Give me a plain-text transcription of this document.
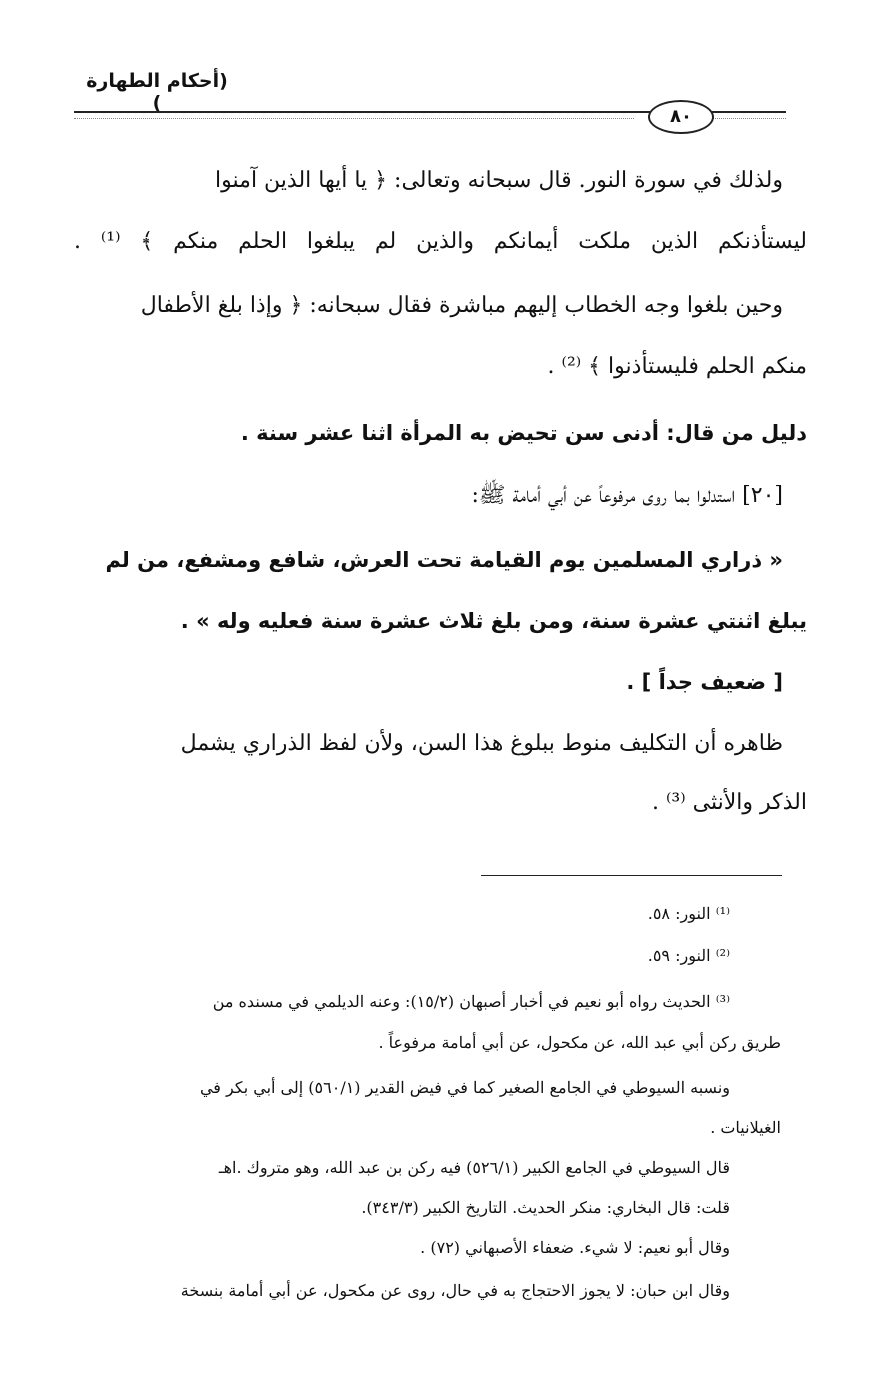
(أحكام الطهارة )
٨٠
ولذلك في سورة النور. قال سبحانه وتعالى: ﴿ يا أيها الذين آمنوا
ليستأذنكم الذين ملكت أيمانكم والذين لم يبلغوا الحلم منكم ﴾ ⁽¹⁾ .
وحين بلغوا وجه الخطاب إليهم مباشرة فقال سبحانه: ﴿ وإذا بلغ الأطفال
منكم الحلم فليستأذنوا ﴾ ⁽²⁾ .
دليل من قال: أدنى سن تحيض به المرأة اثنا عشر سنة .
[٢٠] استدلوا بما روى مرفوعاً عن أبي أمامة ﷺ:
« ذراري المسلمين يوم القيامة تحت العرش، شافع ومشفع، من لم
يبلغ اثنتي عشرة سنة، ومن بلغ ثلاث عشرة سنة فعليه وله » .
[ ضعيف جداً ] .
ظاهره أن التكليف منوط ببلوغ هذا السن، ولأن لفظ الذراري يشمل
الذكر والأنثى ⁽³⁾ .
⁽¹⁾ النور: ٥٨.
⁽²⁾ النور: ٥٩.
⁽³⁾ الحديث رواه أبو نعيم في أخبار أصبهان (١٥/٢): وعنه الديلمي في مسنده من
طريق ركن أبي عبد الله، عن مكحول، عن أبي أمامة مرفوعاً .
ونسبه السيوطي في الجامع الصغير كما في فيض القدير (٥٦٠/١) إلى أبي بكر في
الغيلانيات .
قال السيوطي في الجامع الكبير (٥٢٦/١) فيه ركن بن عبد الله، وهو متروك .اهـ
قلت: قال البخاري: منكر الحديث. التاريخ الكبير (٣٤٣/٣).
وقال أبو نعيم: لا شيء. ضعفاء الأصبهاني (٧٢) .
وقال ابن حبان: لا يجوز الاحتجاج به في حال، روى عن مكحول، عن أبي أمامة بنسخة
